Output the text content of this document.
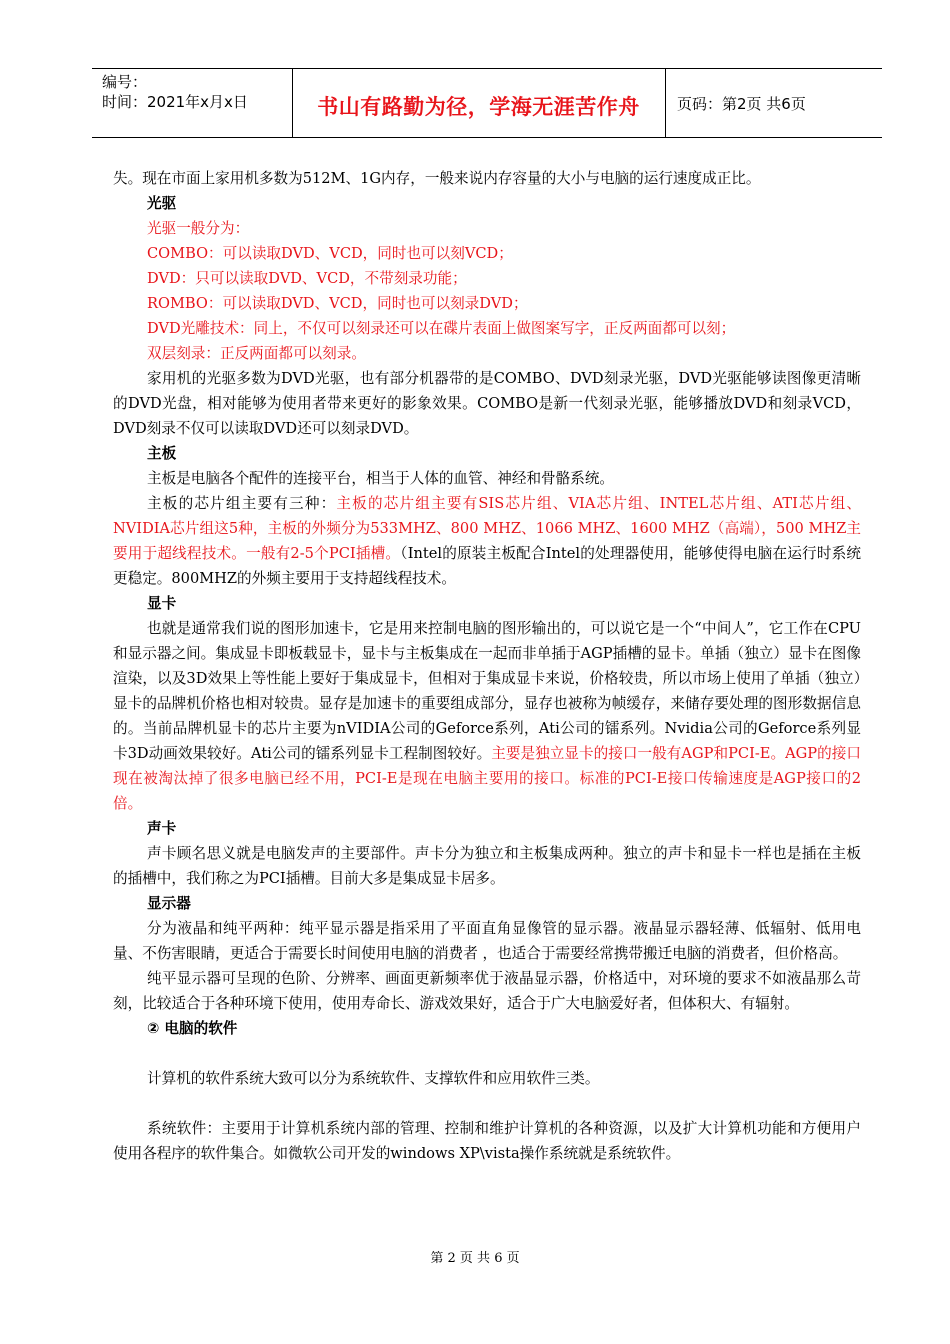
编号：
时间：2021年x月x日	书山有路勤为径，学海无涯苦作舟	页码：第2页 共6页

失。现在市面上家用机多数为512M、1G内存，一般来说内存容量的大小与电脑的运行速度成正比。

光驱

光驱一般分为：

COMBO：可以读取DVD、VCD，同时也可以刻VCD；

DVD：只可以读取DVD、VCD，不带刻录功能；

ROMBO：可以读取DVD、VCD，同时也可以刻录DVD；

DVD光雕技术：同上，不仅可以刻录还可以在碟片表面上做图案写字，正反两面都可以刻；

双层刻录：正反两面都可以刻录。

家用机的光驱多数为DVD光驱，也有部分机器带的是COMBO、DVD刻录光驱，DVD光驱能够读图像更清晰的DVD光盘，相对能够为使用者带来更好的影象效果。COMBO是新一代刻录光驱，能够播放DVD和刻录VCD，DVD刻录不仅可以读取DVD还可以刻录DVD。

主板

主板是电脑各个配件的连接平台，相当于人体的血管、神经和骨骼系统。

主板的芯片组主要有三种：主板的芯片组主要有SIS芯片组、VIA芯片组、INTEL芯片组、ATI芯片组、NVIDIA芯片组这5种，主板的外频分为533MHZ、800 MHZ、1066 MHZ、1600 MHZ（高端），500 MHZ主要用于超线程技术。一般有2-5个PCI插槽。（Intel的原装主板配合Intel的处理器使用，能够使得电脑在运行时系统更稳定。800MHZ的外频主要用于支持超线程技术。

显卡

也就是通常我们说的图形加速卡，它是用来控制电脑的图形输出的，可以说它是一个“中间人”，它工作在CPU和显示器之间。集成显卡即板载显卡，显卡与主板集成在一起而非单插于AGP插槽的显卡。单插（独立）显卡在图像渲染，以及3D效果上等性能上要好于集成显卡，但相对于集成显卡来说，价格较贵，所以市场上使用了单插（独立）显卡的品牌机价格也相对较贵。显存是加速卡的重要组成部分，显存也被称为帧缓存，来储存要处理的图形数据信息的。当前品牌机显卡的芯片主要为nVIDIA公司的Geforce系列，Ati公司的镭系列。Nvidia公司的Geforce系列显卡3D动画效果较好。Ati公司的镭系列显卡工程制图较好。主要是独立显卡的接口一般有AGP和PCI-E。AGP的接口现在被淘汰掉了很多电脑已经不用，PCI-E是现在电脑主要用的接口。标准的PCI-E接口传输速度是AGP接口的2倍。

声卡

声卡顾名思义就是电脑发声的主要部件。声卡分为独立和主板集成两种。独立的声卡和显卡一样也是插在主板的插槽中，我们称之为PCI插槽。目前大多是集成显卡居多。

显示器

分为液晶和纯平两种：纯平显示器是指采用了平面直角显像管的显示器。液晶显示器轻薄、低辐射、低用电量、不伤害眼睛，更适合于需要长时间使用电脑的消费者 ，也适合于需要经常携带搬迁电脑的消费者，但价格高。

纯平显示器可呈现的色阶、分辨率、画面更新频率优于液晶显示器，价格适中，对环境的要求不如液晶那么苛刻，比较适合于各种环境下使用，使用寿命长、游戏效果好，适合于广大电脑爱好者，但体积大、有辐射。

② 电脑的软件

计算机的软件系统大致可以分为系统软件、支撑软件和应用软件三类。

系统软件：主要用于计算机系统内部的管理、控制和维护计算机的各种资源，以及扩大计算机功能和方便用户使用各程序的软件集合。如微软公司开发的windows XP\vista操作系统就是系统软件。

第 2 页 共 6 页
